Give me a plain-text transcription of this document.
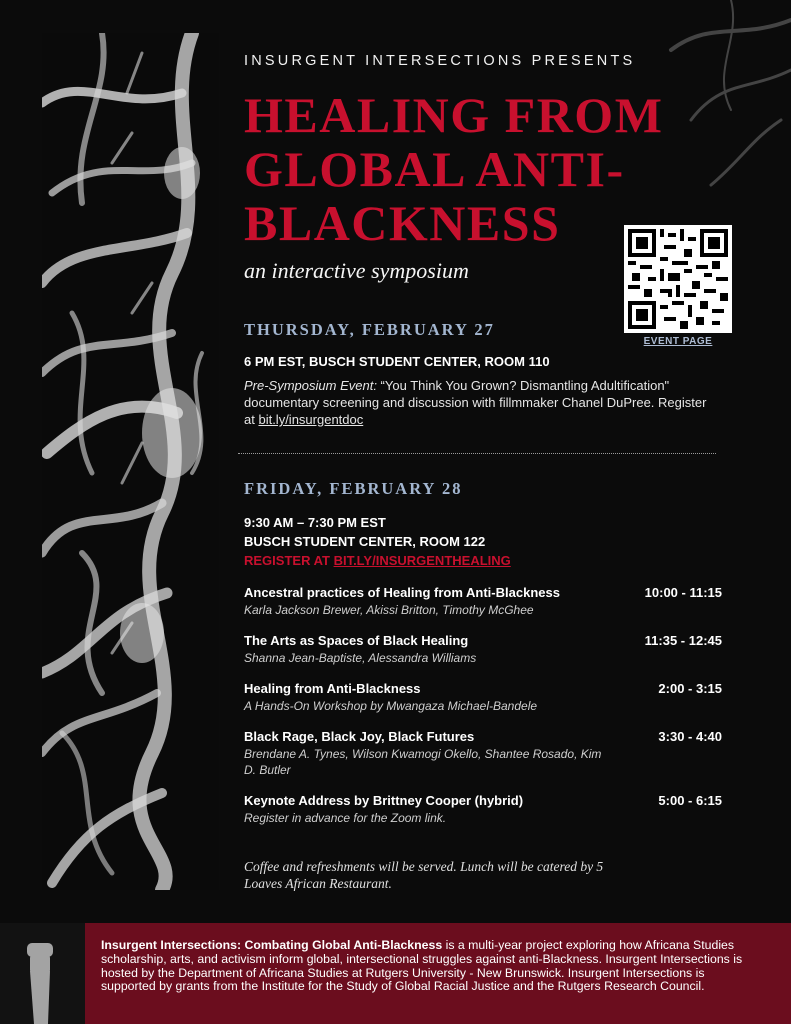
INSURGENT INTERSECTIONS PRESENTS
HEALING FROM GLOBAL ANTI-BLACKNESS
an interactive symposium
EVENT PAGE
THURSDAY, FEBRUARY 27
6 PM EST, BUSCH STUDENT CENTER, ROOM 110
Pre-Symposium Event: “You Think You Grown? Dismantling Adultification" documentary screening and discussion with fillmmaker Chanel DuPree. Register at bit.ly/insurgentdoc
FRIDAY, FEBRUARY 28
9:30 AM – 7:30 PM EST
BUSCH STUDENT CENTER, ROOM 122
REGISTER AT BIT.LY/INSURGENTHEALING
Ancestral practices of Healing from Anti-Blackness	10:00 - 11:15
Karla Jackson Brewer, Akissi Britton, Timothy McGhee
The Arts as Spaces of Black Healing	11:35 - 12:45
Shanna Jean-Baptiste, Alessandra Williams
Healing from Anti-Blackness	2:00 - 3:15
A Hands-On Workshop by Mwangaza Michael-Bandele
Black Rage, Black Joy, Black Futures	3:30 - 4:40
Brendane A. Tynes, Wilson Kwamogi Okello, Shantee Rosado, Kim D. Butler
Keynote Address by Brittney Cooper (hybrid)	5:00 - 6:15
Register in advance for the Zoom link.
Coffee and refreshments will be served. Lunch will be catered by 5 Loaves African Restaurant.
Insurgent Intersections: Combating Global Anti-Blackness is a multi-year project exploring how Africana Studies scholarship, arts, and activism inform global, intersectional struggles against anti-Blackness. Insurgent Intersections is hosted by the Department of Africana Studies at Rutgers University - New Brunswick. Insurgent Intersections is supported by grants from the Institute for the Study of Global Racial Justice and the Rutgers Research Council.
